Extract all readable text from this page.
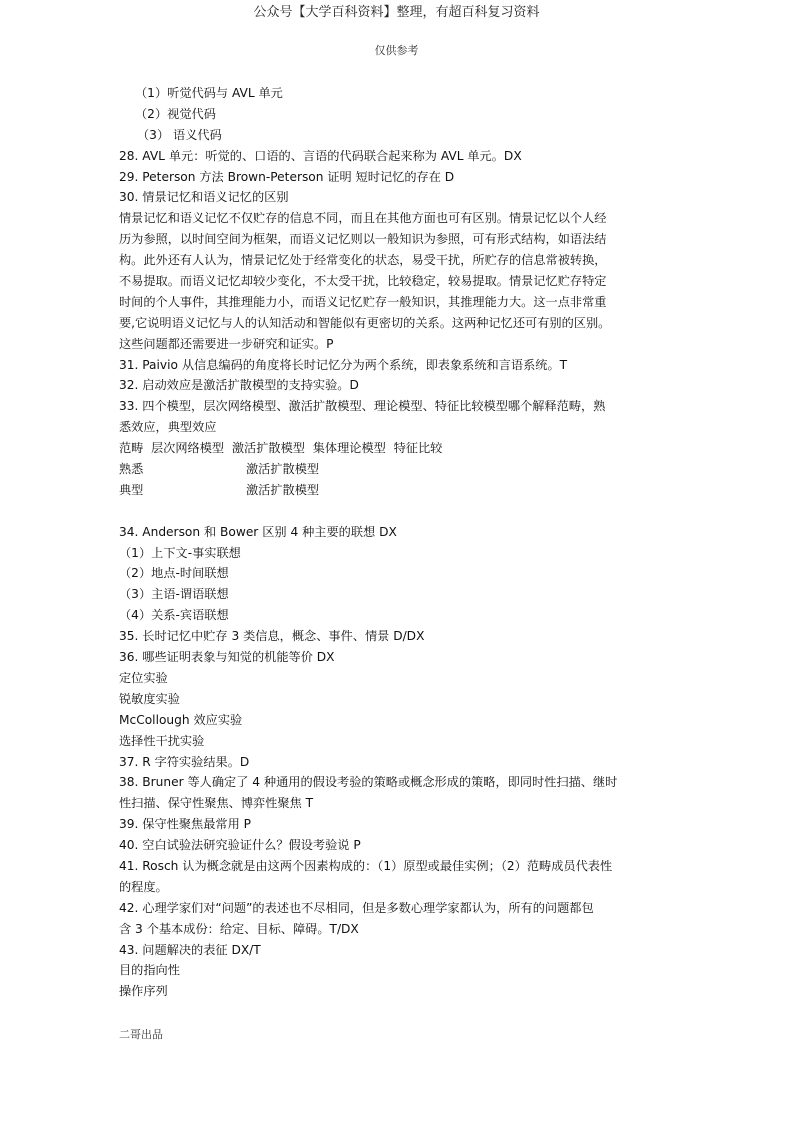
公众号【大学百科资料】整理，有超百科复习资料
仅供参考
（1）听觉代码与 AVL 单元
（2）视觉代码
（3） 语义代码
28. AVL 单元：听觉的、口语的、言语的代码联合起来称为 AVL 单元。DX
29. Peterson 方法 Brown-Peterson 证明 短时记忆的存在 D
30. 情景记忆和语义记忆的区别
情景记忆和语义记忆不仅贮存的信息不同，而且在其他方面也可有区别。情景记忆以个人经
历为参照，以时间空间为框架，而语义记忆则以一般知识为参照，可有形式结构，如语法结
构。此外还有人认为，情景记忆处于经常变化的状态，易受干扰，所贮存的信息常被转换，
不易提取。而语义记忆却较少变化，不太受干扰，比较稳定，较易提取。情景记忆贮存特定
时间的个人事件，其推理能力小，而语义记忆贮存一般知识，其推理能力大。这一点非常重
要,它说明语义记忆与人的认知活动和智能似有更密切的关系。这两种记忆还可有别的区别。
这些问题都还需要进一步研究和证实。P
31. Paivio 从信息编码的角度将长时记忆分为两个系统，即表象系统和言语系统。T
32. 启动效应是激活扩散模型的支持实验。D
33. 四个模型，层次网络模型、激活扩散模型、理论模型、特征比较模型哪个解释范畴，熟
悉效应，典型效应
范畴 层次网络模型  激活扩散模型  集体理论模型  特征比较
熟悉	激活扩散模型
典型	激活扩散模型
34. Anderson 和 Bower 区别 4 种主要的联想 DX
（1）上下文-事实联想
（2）地点-时间联想
（3）主语-谓语联想
（4）关系-宾语联想
35. 长时记忆中贮存 3 类信息，概念、事件、情景 D/DX
36. 哪些证明表象与知觉的机能等价 DX
定位实验
锐敏度实验
McCollough 效应实验
选择性干扰实验
37. R 字符实验结果。D
38. Bruner 等人确定了 4 种通用的假设考验的策略或概念形成的策略，即同时性扫描、继时
性扫描、保守性聚焦、博弈性聚焦 T
39. 保守性聚焦最常用 P
40. 空白试验法研究验证什么？假设考验说 P
41. Rosch 认为概念就是由这两个因素构成的：（1）原型或最佳实例；（2）范畴成员代表性
的程度。
42. 心理学家们对“问题”的表述也不尽相同，但是多数心理学家都认为，所有的问题都包
含 3 个基本成份：给定、目标、障碍。T/DX
43. 问题解决的表征 DX/T
目的指向性
操作序列
二哥出品
